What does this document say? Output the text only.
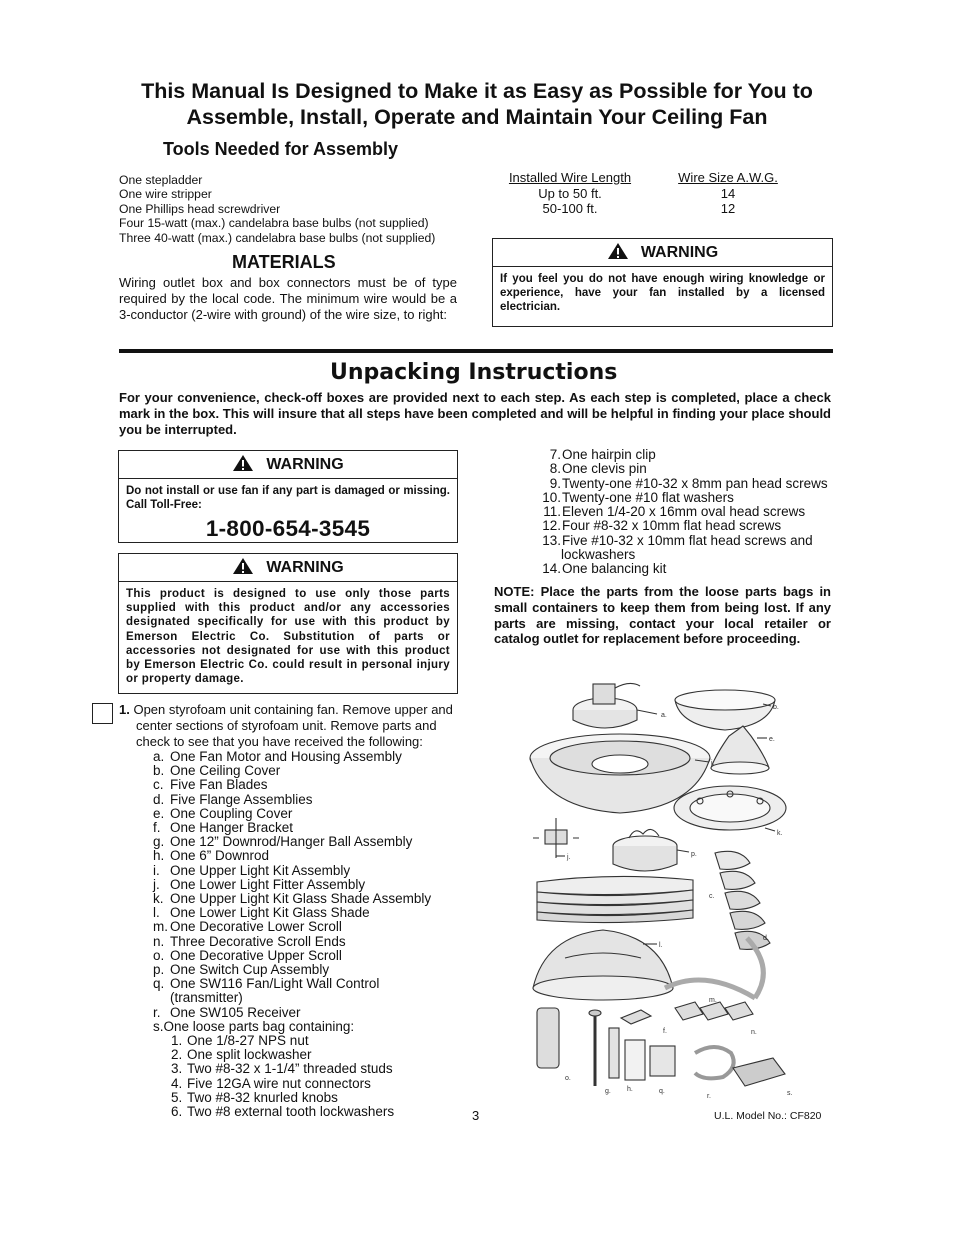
This Manual Is Designed to Make it as Easy as Possible for You to
Assemble, Install, Operate and Maintain Your Ceiling Fan
Tools Needed for Assembly
One stepladder
One wire stripper
One Phillips head screwdriver
Four 15-watt (max.) candelabra base bulbs (not supplied)
Three 40-watt (max.) candelabra base bulbs (not supplied)
MATERIALS
Wiring outlet box and box connectors must be of type required by the local code. The minimum wire would be a 3-conductor (2-wire with ground) of the wire size, to right:
Installed Wire Length	Wire Size A.W.G.
Up to 50 ft.	14
50-100 ft.	12
WARNING
If you feel you do not have enough wiring knowledge or experience, have your fan installed by a licensed electrician.
Unpacking Instructions
For your convenience, check-off boxes are provided next to each step. As each step is completed, place a check mark in the box. This will insure that all steps have been completed and will be helpful in finding your place should you be interrupted.
WARNING
Do not install or use fan if any part is damaged or missing. Call Toll-Free:
1-800-654-3545
WARNING
This product is designed to use only those parts supplied with this product and/or any accessories designated specifically for use with this product by Emerson Electric Co. Substitution of parts or accessories not designated for use with this product by Emerson Electric Co. could result in personal injury or property damage.
1. Open styrofoam unit containing fan. Remove upper and center sections of styrofoam unit. Remove parts and check to see that you have received the following:
a. One Fan Motor and Housing Assembly
b. One Ceiling Cover
c. Five Fan Blades
d. Five Flange Assemblies
e. One Coupling Cover
f. One Hanger Bracket
g. One 12” Downrod/Hanger Ball Assembly
h. One 6” Downrod
i. One Upper Light Kit Assembly
j. One Lower Light Fitter Assembly
k. One Upper Light Kit Glass Shade Assembly
l. One Lower Light Kit Glass Shade
m. One Decorative Lower Scroll
n. Three Decorative Scroll Ends
o. One Decorative Upper Scroll
p. One Switch Cup Assembly
q. One SW116 Fan/Light Wall Control
(transmitter)
r. One SW105 Receiver
s.One loose parts bag containing:
1. One 1/8-27 NPS nut
2. One split lockwasher
3. Two #8-32 x 1-1/4” threaded studs
4. Five 12GA wire nut connectors
5. Two #8-32 knurled knobs
6. Two #8 external tooth lockwashers
7.One hairpin clip
8.One clevis pin
9.Twenty-one #10-32 x 8mm pan head screws
10.Twenty-one #10 flat washers
11.Eleven 1/4-20 x 16mm oval head screws
12.Four #8-32 x 10mm flat head screws
13.Five #10-32 x 10mm flat head screws and
lockwashers
14.One balancing kit
NOTE: Place the parts from the loose parts bags in small containers to keep them from being lost. If any parts are missing, contact your local retailer or catalog outlet for replacement before proceeding.
a.
b.
e.
i.
k.
j.	p.
c.
d.
l.
m.
f.	n.
o.
g. h.	q.
r.	s.
3	U.L. Model No.: CF820
